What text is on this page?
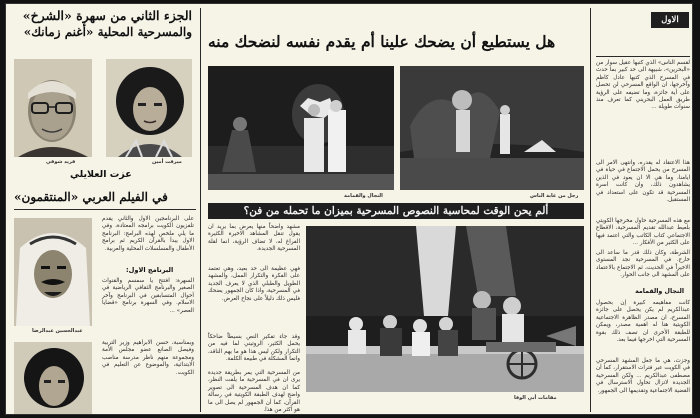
الجزء الثاني من سهرة «الشرخ»
والمسرحية المحلية «أغنم زمانك»
فريد شوقي	ميرفت أمين
عزت العلايلي
في الفيلم العربي «المنتقمون»
على البرنامجين الاول والثاني يقدم تلفزيون الكويت برامجه المعتادة، وفي ما يلي ملخص لهذه البرامج: البرنامج الاول يبدأ بالقرآن الكريم ثم برامج الأطفال والمسلسلات المحلية والعربية.
البرنامج الاول:
السهرة: افتتح يا سمسم والقنوات الصغير والبرنامج الثقافي الرياضية في أحوال المتسابقين في البرنامج وآخر الاسلام. وفي السهرة برنامج «قضايا العصر» ...
وبمناسبة، حسن الابراهيم وزير التربية وفيصل الصانع عضو مجلس الأمة ومجموعة منهم ناظر مدرسة مناصب الابتدائية، والموضوع عن التعليم في الكويت.
عبدالحسين عبدالرضا
هل يستطيع أن يضحك علينا أم يقدم نفسه لنضحك منه
النجال والقمامة	رجل من غابة الناس
ألم يحن الوقت لمحاسبة النصوص المسرحية بميزان ما تحمله من فن؟
مشهد واضحاً منها يعرض بما يريد ان يقول تنقل المشاهد الاخيرة الكثيرة الفراغ له، لا تضاف الرؤية، انما لقلة المسرحية الجديدة.
فهي عظيمة الى حد بعيد، وهي تعتمد على الفكرة والتكرار الممل، والمشهد الطويل والطبلي الذي لا يعرف الجديد في المسرحية، واذا كان الجمهور يضحك فليس ذلك دليلاً على نجاح العرض.
وقد جاء تفكير النص بسيطاً ضاحكاً يحمل الكثير، الروتيني لما فيه من التكرار ولكن ليس هذا هو ما يهم الناقد، وانما المشكلة في طبيعة الكلمة.
من المسرحية التي يمر بطريقة جديدة يرى ان في المسرحية ما يلفت النظر، كما ان هدف المسرحية الى تصوير واضح لهدف الطبقة الكويتية في رسالة القرآن، كما أن الجمهور لم يصل الى ما هو اكثر من هذا.
مقامات أبي الوفا
الاول
لقسم الناس» الذي كتبها عقيل سوار من «البحرين»، شبيهة الى حد كبير بما حدث في المسرح الذي كتبها عادل كاظم وآخرجها، ان الواقع المسرحي لن تحصل على أية جائزة، وما تضيفه على الرؤية طريق العمل البحريني كما تعرف منذ سنوات طويلة ...
هذا الاعتقاد له يقدره، وانتهى الامر الى المسرح من يحمل الاجتماع في حياة في ايامنا، وما هي الا ان يعود في الذين يشاهدون ذلك، وان كانت اسرة المسرحية قد تكون على استعداد في المستقبل.
مع هذه المسرحية حاول مخرجها الكويتي بلعيط عبدالله تقديم المسرحية، الاقطاع الاجتماعي كتاب الكاتب والتي اعتمد فيها على الكثير من الأفكار ...
الشرطة، وكان ذلك قدر ما ساعد الى خارج. في المسرحية نجد المستوى الاخيراً في الحديث، ثم الاجتماع بالاعتماد على المشهد الى جانب الحوار.
النجال والقمامة
كانت مفاهيمه كبيرة إن بحصول عبدالكريم لم يكن يحصل على جائزة المسرح، ان مصدر الظاهرة الاجتماعية الكويتية هنا له اهمية مصدر، ويمكن للطبقة الأخرى ان تصف ذلك بقوة المسرحية التي اخرجها فيما بعد.
وجزت، هي ما جعل المشهد المسرحي في الكويت عبر فترات الاستقرار، كما أن مصطفى عبدالكريم ... ولكن المسرحية الجديدة لاتزال تحاول الاسترسال في القضية الاجتماعية وتقديمها الى الجمهور.
